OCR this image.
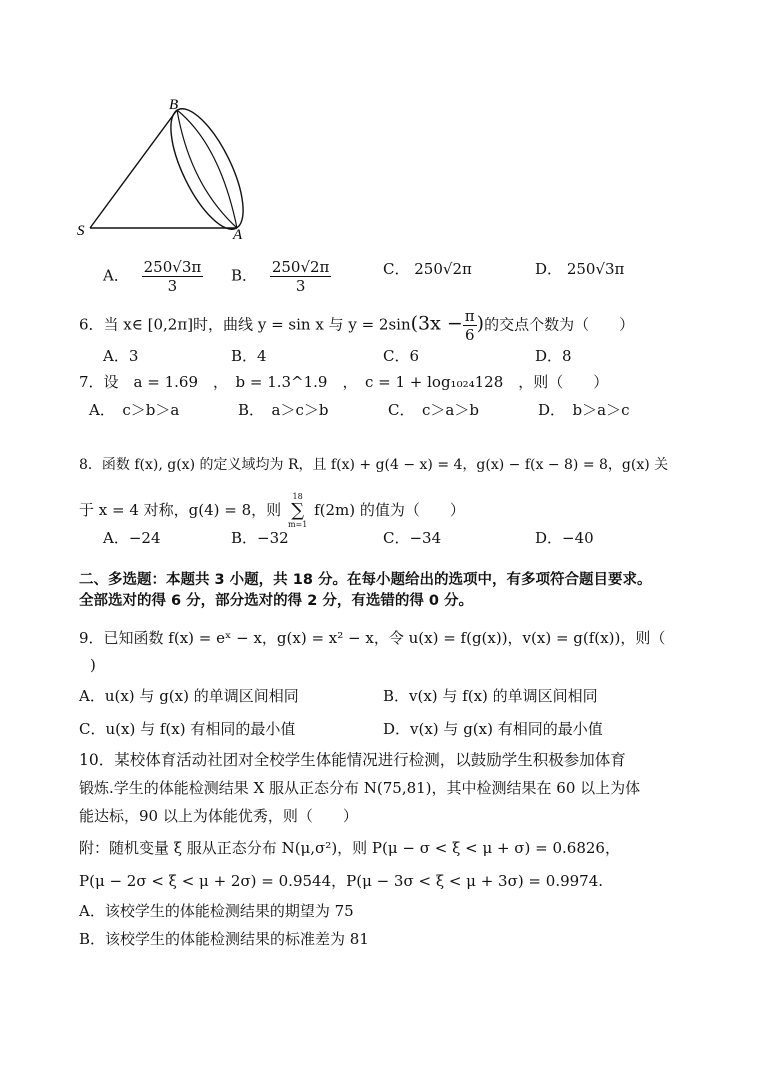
B
S	A
A． $\frac{250√3\pi}{3}$ B． $\frac{250√2\pi}{3}$	C． 250√2π	D． 250√3π
6．当 x∈ [0,2π]时，曲线 y = sin x 与 $y = 2\sin(3x - \frac{\pi}{6}$ )的交点个数为（　　）
A．3	B．4	C．6	D．8
7．设　a = 1.69　，　b = 1.3^1.9　，　c = 1 + log₁₀₂₄128　，则（　　）
A．　c＞b＞a	B．　a＞c＞b	C．　c＞a＞b	D．　b＞a＞c
8．函数 f(x), g(x) 的定义域均为 R，且 f(x) + g(4 − x) = 4，g(x) − f(x − 8) = 8，g(x) 关
于 x = 4 对称，g(4) = 8，则
18
∑
m=1
f(2m) 的值为（　　）
A．−24	B．−32	C．−34	D．−40
二、多选题：本题共 3 小题，共 18 分。在每小题给出的选项中，有多项符合题目要求。
全部选对的得 6 分，部分选对的得 2 分，有选错的得 0 分。
9．已知函数 f(x) = eˣ − x，g(x) = x² − x，令 u(x) = f(g(x))，v(x) = g(f(x))，则（
)
A．u(x) 与 g(x) 的单调区间相同	B．v(x) 与 f(x) 的单调区间相同
C．u(x) 与 f(x) 有相同的最小值	D．v(x) 与 g(x) 有相同的最小值
10．某校体育活动社团对全校学生体能情况进行检测，以鼓励学生积极参加体育
锻炼.学生的体能检测结果 X 服从正态分布 N(75,81)，其中检测结果在 60 以上为体
能达标，90 以上为体能优秀，则（　　）
附：随机变量 ξ 服从正态分布 N(μ,σ²)，则 P(μ − σ < ξ < μ + σ) = 0.6826，
P(μ − 2σ < ξ < μ + 2σ) = 0.9544，P(μ − 3σ < ξ < μ + 3σ) = 0.9974.
A．该校学生的体能检测结果的期望为 75
B．该校学生的体能检测结果的标准差为 81
